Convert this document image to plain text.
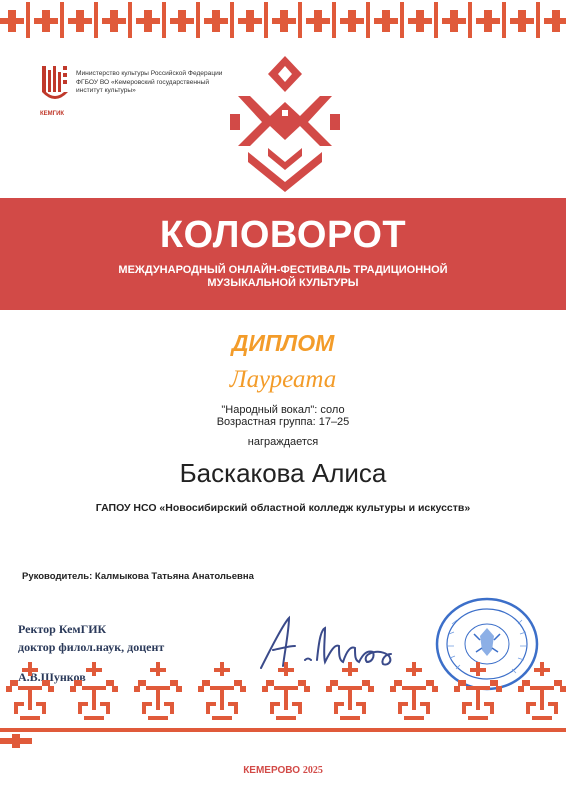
КЕМГИК
Министерство культуры Российской Федерации
ФГБОУ ВО «Кемеровский государственный
институт культуры»
КОЛОВОРОТ
МЕЖДУНАРОДНЫЙ ОНЛАЙН-ФЕСТИВАЛЬ ТРАДИЦИОННОЙ
МУЗЫКАЛЬНОЙ КУЛЬТУРЫ
ДИПЛОМ
Лауреата
"Народный вокал": соло
Возрастная группа: 17–25
награждается
Баскакова Алиса
ГАПОУ НСО «Новосибирский областной колледж культуры и искусств»
Руководитель: Калмыкова Татьяна Анатольевна
Ректор КемГИК
доктор филол.наук, доцент
А.В.Шунков
КЕМЕРОВО 2025
